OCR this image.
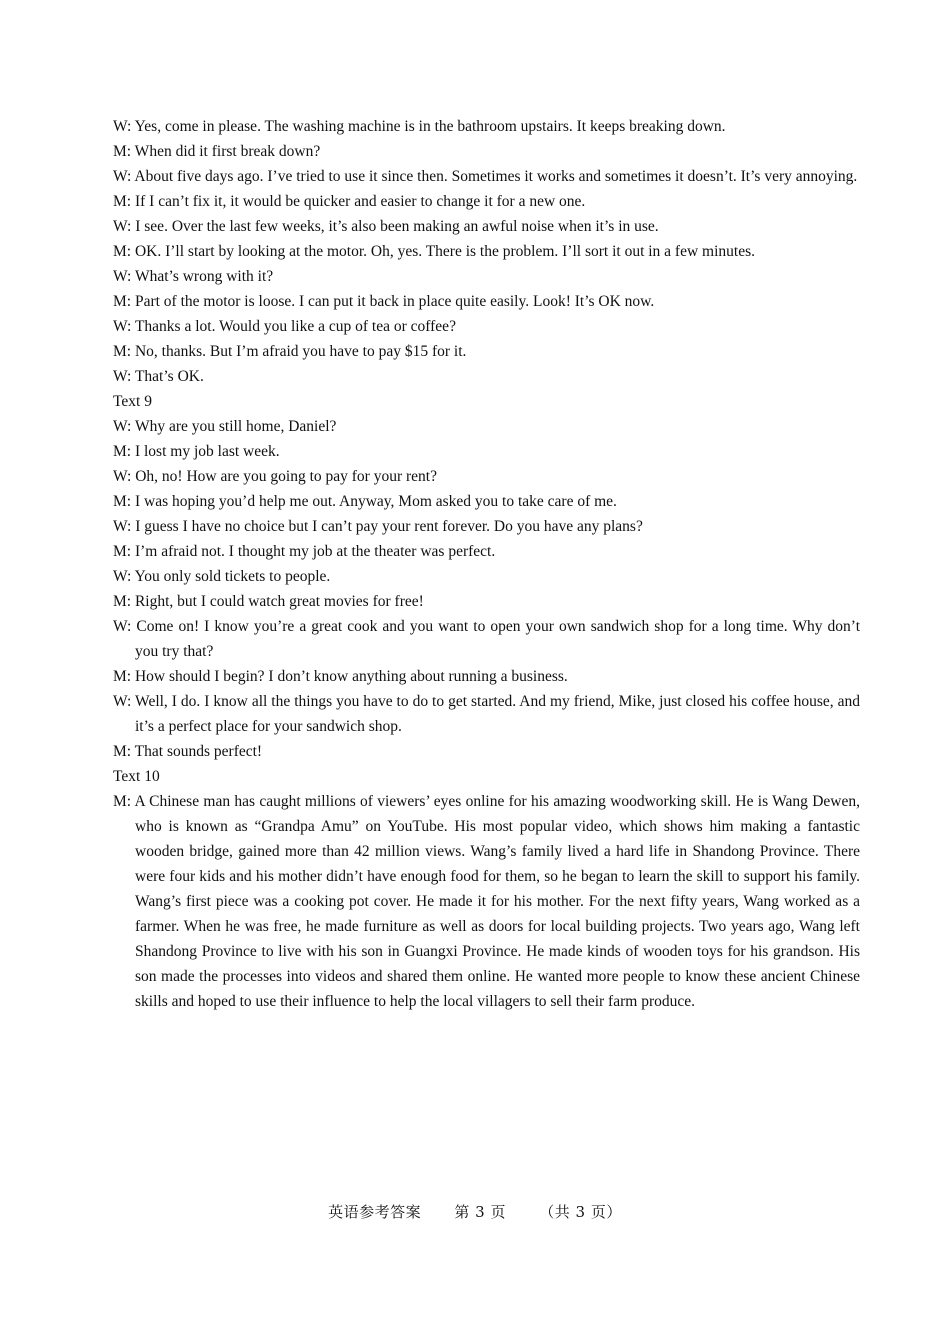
W: Yes, come in please. The washing machine is in the bathroom upstairs. It keeps breaking down.

M: When did it first break down?

W: About five days ago. I’ve tried to use it since then. Sometimes it works and sometimes it doesn’t. It’s very annoying.

M: If I can’t fix it, it would be quicker and easier to change it for a new one.

W: I see. Over the last few weeks, it’s also been making an awful noise when it’s in use.

M: OK. I’ll start by looking at the motor. Oh, yes. There is the problem. I’ll sort it out in a few minutes.

W: What’s wrong with it?

M: Part of the motor is loose. I can put it back in place quite easily. Look! It’s OK now.

W: Thanks a lot. Would you like a cup of tea or coffee?

M: No, thanks. But I’m afraid you have to pay $15 for it.

W: That’s OK.

Text 9

W: Why are you still home, Daniel?

M: I lost my job last week.

W: Oh, no! How are you going to pay for your rent?

M: I was hoping you’d help me out. Anyway, Mom asked you to take care of me.

W: I guess I have no choice but I can’t pay your rent forever. Do you have any plans?

M: I’m afraid not. I thought my job at the theater was perfect.

W: You only sold tickets to people.

M: Right, but I could watch great movies for free!

W: Come on! I know you’re a great cook and you want to open your own sandwich shop for a long time. Why don’t you try that?

M: How should I begin? I don’t know anything about running a business.

W: Well, I do. I know all the things you have to do to get started. And my friend, Mike, just closed his coffee house, and it’s a perfect place for your sandwich shop.

M: That sounds perfect!

Text 10

M: A Chinese man has caught millions of viewers’ eyes online for his amazing woodworking skill. He is Wang Dewen, who is known as “Grandpa Amu” on YouTube. His most popular video, which shows him making a fantastic wooden bridge, gained more than 42 million views. Wang’s family lived a hard life in Shandong Province. There were four kids and his mother didn’t have enough food for them, so he began to learn the skill to support his family. Wang’s first piece was a cooking pot cover. He made it for his mother. For the next fifty years, Wang worked as a farmer. When he was free, he made furniture as well as doors for local building projects. Two years ago, Wang left Shandong Province to live with his son in Guangxi Province. He made kinds of wooden toys for his grandson. His son made the processes into videos and shared them online. He wanted more people to know these ancient Chinese skills and hoped to use their influence to help the local villagers to sell their farm produce.

英语参考答案 第 3 页 （共 3 页）
